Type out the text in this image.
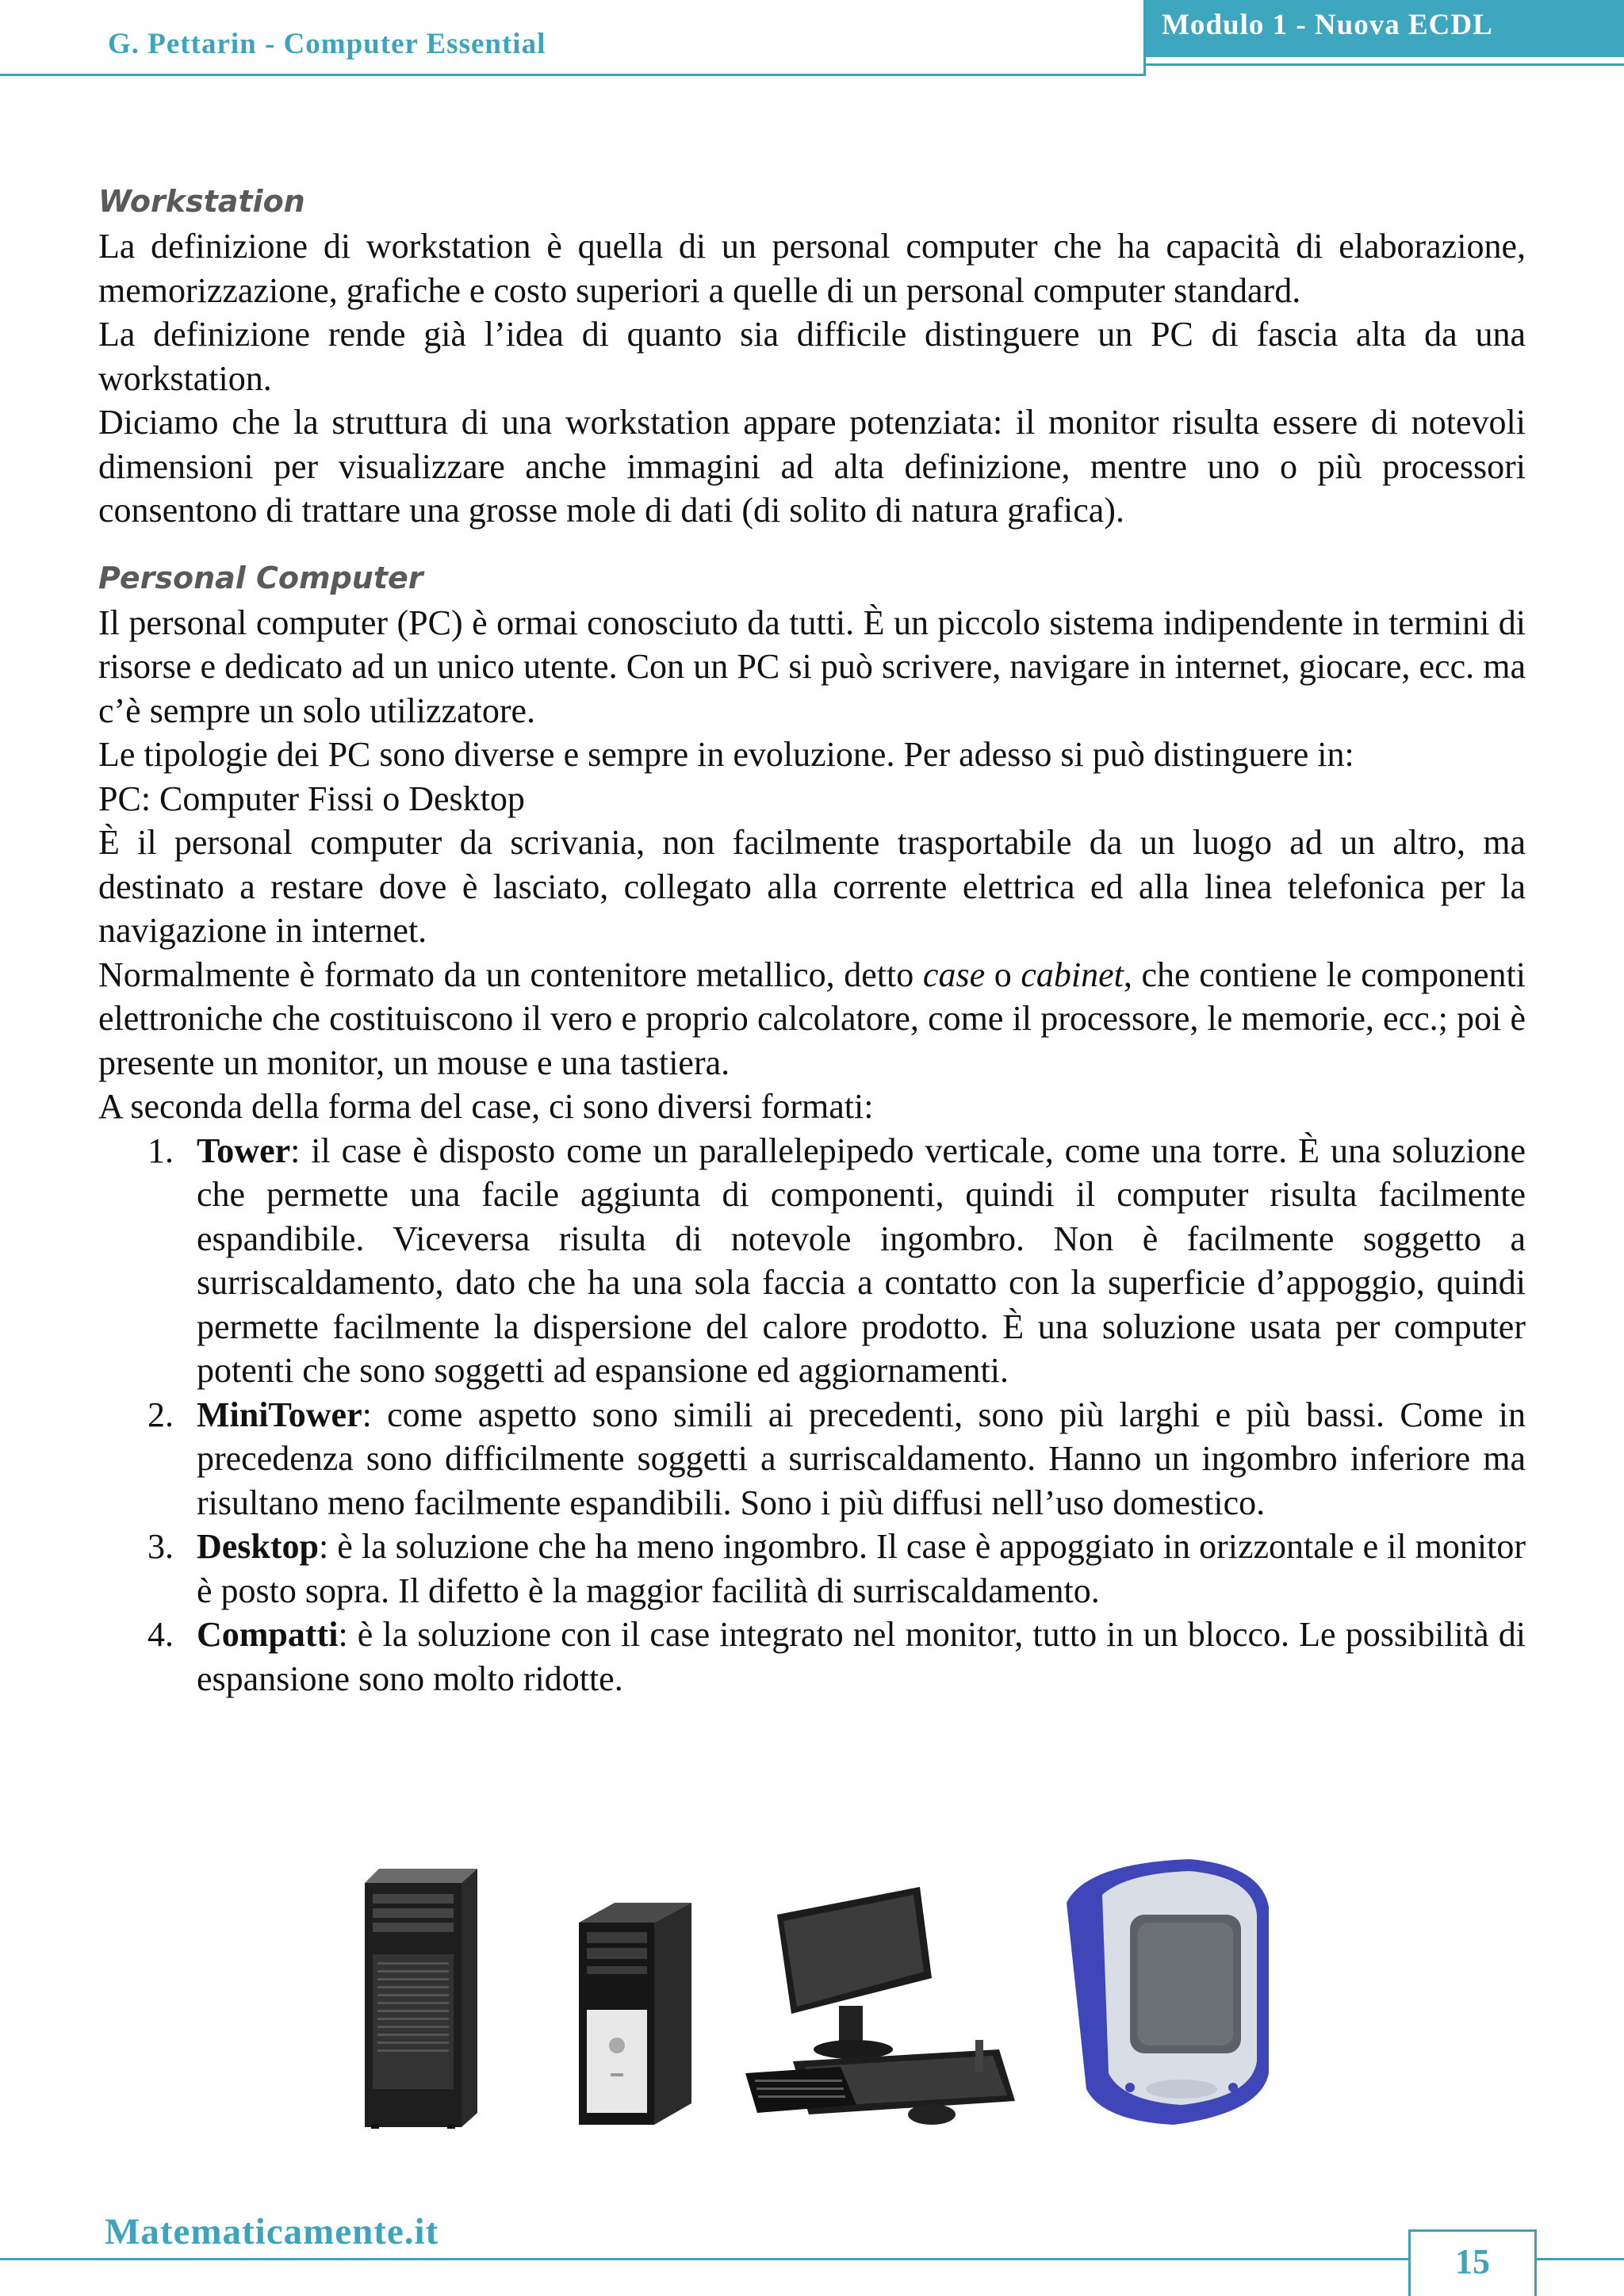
G. Pettarin - Computer Essential
Modulo 1 - Nuova ECDL
Workstation
La definizione di workstation è quella di un personal computer che ha capacità di elaborazione, memorizzazione, grafiche e costo superiori a quelle di un personal computer standard.
La definizione rende già l’idea di quanto sia difficile distinguere un PC di fascia alta da una workstation.
Diciamo che la struttura di una workstation appare potenziata: il monitor risulta essere di notevoli dimensioni per visualizzare anche immagini ad alta definizione, mentre uno o più processori consentono di trattare una grosse mole di dati (di solito di natura grafica).
Personal Computer
Il personal computer (PC) è ormai conosciuto da tutti. È un piccolo sistema indipendente in termini di risorse e dedicato ad un unico utente. Con un PC si può scrivere, navigare in internet, giocare, ecc. ma c’è sempre un solo utilizzatore.
Le tipologie dei PC sono diverse e sempre in evoluzione. Per adesso si può distinguere in:
PC: Computer Fissi o Desktop
È il personal computer da scrivania, non facilmente trasportabile da un luogo ad un altro, ma destinato a restare dove è lasciato, collegato alla corrente elettrica ed alla linea telefonica per la navigazione in internet.
Normalmente è formato da un contenitore metallico, detto case o cabinet, che contiene le componenti elettroniche che costituiscono il vero e proprio calcolatore, come il processore, le memorie, ecc.; poi è presente un monitor, un mouse e una tastiera.
A seconda della forma del case, ci sono diversi formati:
1. Tower: il case è disposto come un parallelepipedo verticale, come una torre. È una soluzione che permette una facile aggiunta di componenti, quindi il computer risulta facilmente espandibile. Viceversa risulta di notevole ingombro. Non è facilmente soggetto a surriscaldamento, dato che ha una sola faccia a contatto con la superficie d’appoggio, quindi permette facilmente la dispersione del calore prodotto. È una soluzione usata per computer potenti che sono soggetti ad espansione ed aggiornamenti.
2. MiniTower: come aspetto sono simili ai precedenti, sono più larghi e più bassi. Come in precedenza sono difficilmente soggetti a surriscaldamento. Hanno un ingombro inferiore ma risultano meno facilmente espandibili. Sono i più diffusi nell’uso domestico.
3. Desktop: è la soluzione che ha meno ingombro. Il case è appoggiato in orizzontale e il monitor è posto sopra. Il difetto è la maggior facilità di surriscaldamento.
4. Compatti: è la soluzione con il case integrato nel monitor, tutto in un blocco. Le possibilità di espansione sono molto ridotte.
Matematicamente.it
15
